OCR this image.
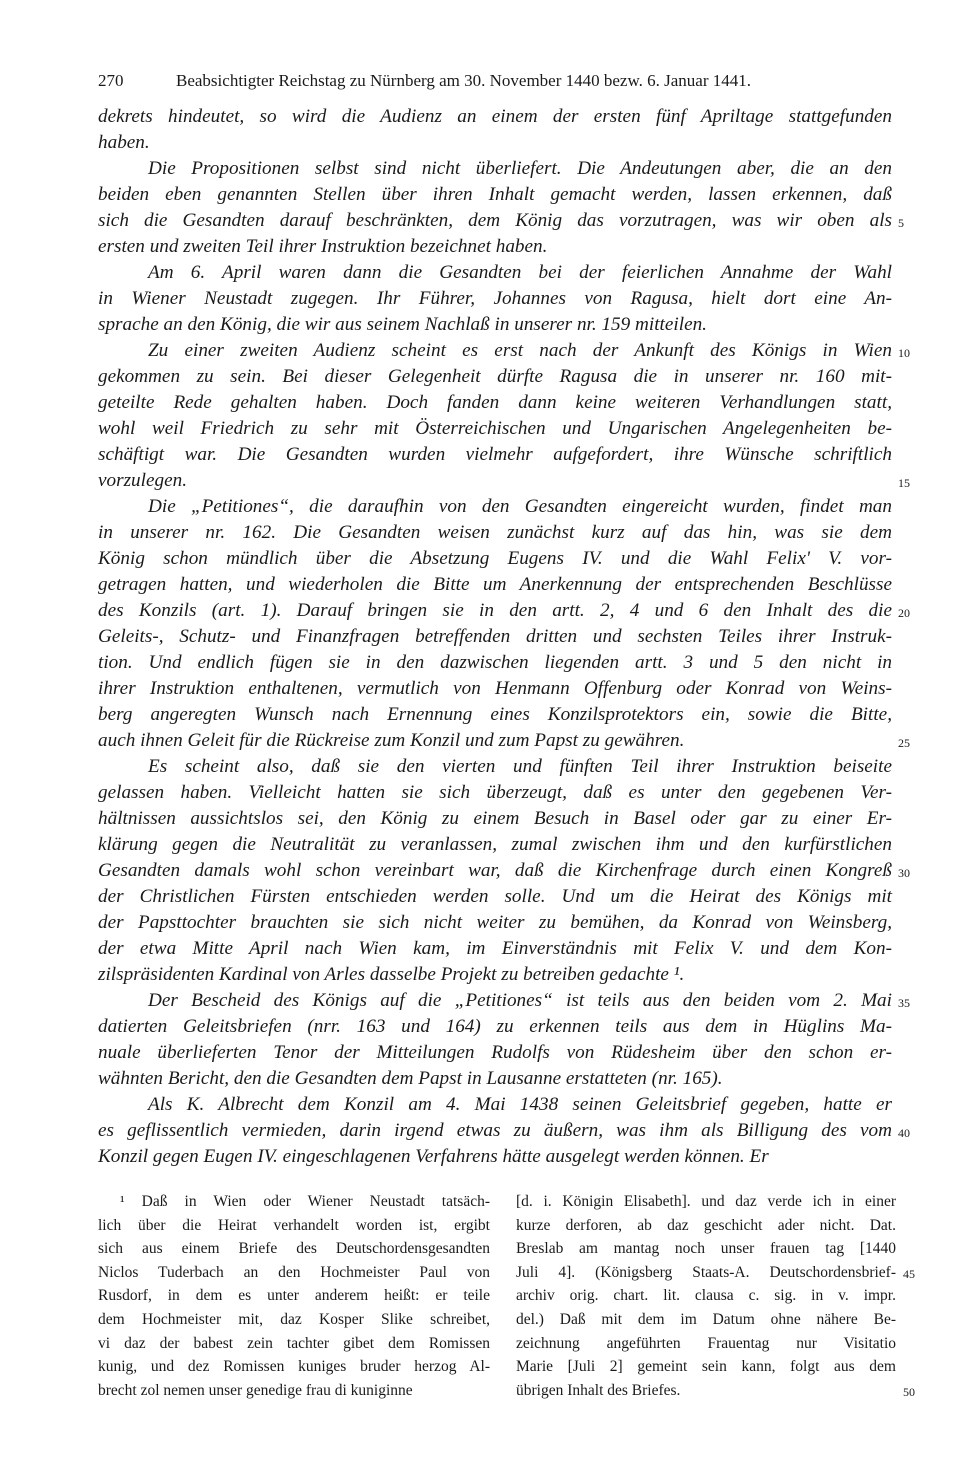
270	Beabsichtigter Reichstag zu Nürnberg am 30. November 1440 bezw. 6. Januar 1441.
dekrets hindeutet, so wird die Audienz an einem der ersten fünf Apriltage stattgefunden
haben.
Die Propositionen selbst sind nicht überliefert. Die Andeutungen aber, die an den
beiden eben genannten Stellen über ihren Inhalt gemacht werden, lassen erkennen, daß
sich die Gesandten darauf beschränkten, dem König das vorzutragen, was wir oben als
ersten und zweiten Teil ihrer Instruktion bezeichnet haben.
Am 6. April waren dann die Gesandten bei der feierlichen Annahme der Wahl
in Wiener Neustadt zugegen. Ihr Führer, Johannes von Ragusa, hielt dort eine An-
sprache an den König, die wir aus seinem Nachlaß in unserer nr. 159 mitteilen.
Zu einer zweiten Audienz scheint es erst nach der Ankunft des Königs in Wien
gekommen zu sein. Bei dieser Gelegenheit dürfte Ragusa die in unserer nr. 160 mit-
geteilte Rede gehalten haben. Doch fanden dann keine weiteren Verhandlungen statt,
wohl weil Friedrich zu sehr mit Österreichischen und Ungarischen Angelegenheiten be-
schäftigt war. Die Gesandten wurden vielmehr aufgefordert, ihre Wünsche schriftlich
vorzulegen.
Die „Petitiones“, die daraufhin von den Gesandten eingereicht wurden, findet man
in unserer nr. 162. Die Gesandten weisen zunächst kurz auf das hin, was sie dem
König schon mündlich über die Absetzung Eugens IV. und die Wahl Felix' V. vor-
getragen hatten, und wiederholen die Bitte um Anerkennung der entsprechenden Beschlüsse
des Konzils (art. 1). Darauf bringen sie in den artt. 2, 4 und 6 den Inhalt des die
Geleits-, Schutz- und Finanzfragen betreffenden dritten und sechsten Teiles ihrer Instruk-
tion. Und endlich fügen sie in den dazwischen liegenden artt. 3 und 5 den nicht in
ihrer Instruktion enthaltenen, vermutlich von Henmann Offenburg oder Konrad von Weins-
berg angeregten Wunsch nach Ernennung eines Konzilsprotektors ein, sowie die Bitte,
auch ihnen Geleit für die Rückreise zum Konzil und zum Papst zu gewähren.
Es scheint also, daß sie den vierten und fünften Teil ihrer Instruktion beiseite
gelassen haben. Vielleicht hatten sie sich überzeugt, daß es unter den gegebenen Ver-
hältnissen aussichtslos sei, den König zu einem Besuch in Basel oder gar zu einer Er-
klärung gegen die Neutralität zu veranlassen, zumal zwischen ihm und den kurfürstlichen
Gesandten damals wohl schon vereinbart war, daß die Kirchenfrage durch einen Kongreß
der Christlichen Fürsten entschieden werden solle. Und um die Heirat des Königs mit
der Papsttochter brauchten sie sich nicht weiter zu bemühen, da Konrad von Weinsberg,
der etwa Mitte April nach Wien kam, im Einverständnis mit Felix V. und dem Kon-
zilspräsidenten Kardinal von Arles dasselbe Projekt zu betreiben gedachte ¹.
Der Bescheid des Königs auf die „Petitiones“ ist teils aus den beiden vom 2. Mai
datierten Geleitsbriefen (nrr. 163 und 164) zu erkennen teils aus dem in Hüglins Ma-
nuale überlieferten Tenor der Mitteilungen Rudolfs von Rüdesheim über den schon er-
wähnten Bericht, den die Gesandten dem Papst in Lausanne erstatteten (nr. 165).
Als K. Albrecht dem Konzil am 4. Mai 1438 seinen Geleitsbrief gegeben, hatte er
es geflissentlich vermieden, darin irgend etwas zu äußern, was ihm als Billigung des vom
Konzil gegen Eugen IV. eingeschlagenen Verfahrens hätte ausgelegt werden können. Er
5
10
15
20
25
30
35
40
¹ Daß in Wien oder Wiener Neustadt tatsäch-
lich über die Heirat verhandelt worden ist, ergibt
sich aus einem Briefe des Deutschordensgesandten
Niclos Tuderbach an den Hochmeister Paul von
Rusdorf, in dem es unter anderem heißt: er teile
dem Hochmeister mit, daz Kosper Slike schreibet,
vi daz der babest zein tachter gibet dem Romissen
kunig, und dez Romissen kuniges bruder herzog Al-
brecht zol nemen unser genedige frau di kuniginne
[d. i. Königin Elisabeth]. und daz verde ich in einer
kurze derforen, ab daz geschicht ader nicht. Dat.
Breslab am mantag noch unser frauen tag [1440
Juli 4]. (Königsberg Staats-A. Deutschordensbrief-
archiv orig. chart. lit. clausa c. sig. in v. impr.
del.) Daß mit dem im Datum ohne nähere Be-
zeichnung angeführten Frauentag nur Visitatio
Marie [Juli 2] gemeint sein kann, folgt aus dem
übrigen Inhalt des Briefes.
45
50
